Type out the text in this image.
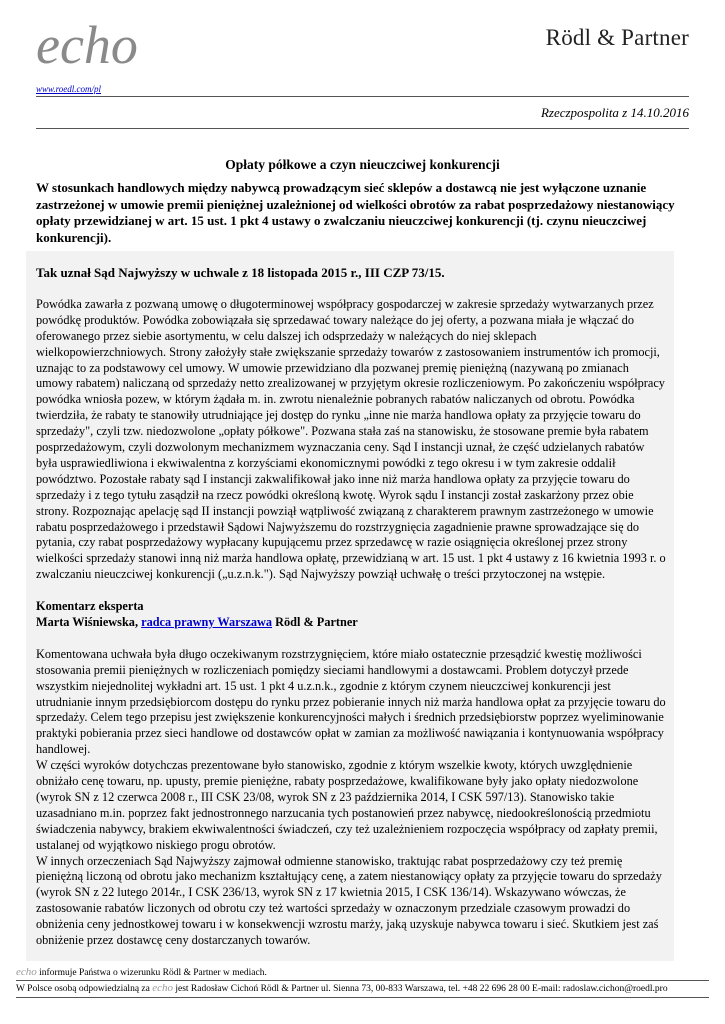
echo
www.roedl.com/pl
Rödl & Partner
Rzeczpospolita z 14.10.2016
Opłaty półkowe a czyn nieuczciwej konkurencji

W stosunkach handlowych między nabywcą prowadzącym sieć sklepów a dostawcą nie jest wyłączone uznanie zastrzeżonej w umowie premii pieniężnej uzależnionej od wielkości obrotów za rabat posprzedażowy niestanowiący opłaty przewidzianej w art. 15 ust. 1 pkt 4 ustawy o zwalczaniu nieuczciwej konkurencji (tj. czynu nieuczciwej konkurencji).

Tak uznał Sąd Najwyższy w uchwale z 18 listopada 2015 r., III CZP 73/15.

Powódka zawarła z pozwaną umowę o długoterminowej współpracy gospodarczej w zakresie sprzedaży wytwarzanych przez powódkę produktów. Powódka zobowiązała się sprzedawać towary należące do jej oferty, a pozwana miała je włączać do oferowanego przez siebie asortymentu, w celu dalszej ich odsprzedaży w należących do niej sklepach wielkopowierzchniowych. Strony założyły stałe zwiększanie sprzedaży towarów z zastosowaniem instrumentów ich promocji, uznając to za podstawowy cel umowy. W umowie przewidziano dla pozwanej premię pieniężną (nazywaną po zmianach umowy rabatem) naliczaną od sprzedaży netto zrealizowanej w przyjętym okresie rozliczeniowym. Po zakończeniu współpracy powódka wniosła pozew, w którym żądała m. in. zwrotu nienależnie pobranych rabatów naliczanych od obrotu. Powódka twierdziła, że rabaty te stanowiły utrudniające jej dostęp do rynku „inne nie marża handlowa opłaty za przyjęcie towaru do sprzedaży", czyli tzw. niedozwolone „opłaty półkowe". Pozwana stała zaś na stanowisku, że stosowane premie była rabatem posprzedażowym, czyli dozwolonym mechanizmem wyznaczania ceny. Sąd I instancji uznał, że część udzielanych rabatów była usprawiedliwiona i ekwiwalentna z korzyściami ekonomicznymi powódki z tego okresu i w tym zakresie oddalił powództwo. Pozostałe rabaty sąd I instancji zakwalifikował jako inne niż marża handlowa opłaty za przyjęcie towaru do sprzedaży i z tego tytułu zasądził na rzecz powódki określoną kwotę. Wyrok sądu I instancji został zaskarżony przez obie strony. Rozpoznając apelację sąd II instancji powziął wątpliwość związaną z charakterem prawnym zastrzeżonego w umowie rabatu posprzedażowego i przedstawił Sądowi Najwyższemu do rozstrzygnięcia zagadnienie prawne sprowadzające się do pytania, czy rabat posprzedażowy wypłacany kupującemu przez sprzedawcę w razie osiągnięcia określonej przez strony wielkości sprzedaży stanowi inną niż marża handlowa opłatę, przewidzianą w art. 15 ust. 1 pkt 4 ustawy z 16 kwietnia 1993 r. o zwalczaniu nieuczciwej konkurencji („u.z.n.k."). Sąd Najwyższy powziął uchwałę o treści przytoczonej na wstępie.

Komentarz eksperta

Marta Wiśniewska, radca prawny Warszawa Rödl & Partner

Komentowana uchwała była długo oczekiwanym rozstrzygnięciem, które miało ostatecznie przesądzić kwestię możliwości stosowania premii pieniężnych w rozliczeniach pomiędzy sieciami handlowymi a dostawcami. Problem dotyczył przede wszystkim niejednolitej wykładni art. 15 ust. 1 pkt 4 u.z.n.k., zgodnie z którym czynem nieuczciwej konkurencji jest utrudnianie innym przedsiębiorcom dostępu do rynku przez pobieranie innych niż marża handlowa opłat za przyjęcie towaru do sprzedaży. Celem tego przepisu jest zwiększenie konkurencyjności małych i średnich przedsiębiorstw poprzez wyeliminowanie praktyki pobierania przez sieci handlowe od dostawców opłat w zamian za możliwość nawiązania i kontynuowania współpracy handlowej.

W części wyroków dotychczas prezentowane było stanowisko, zgodnie z którym wszelkie kwoty, których uwzględnienie obniżało cenę towaru, np. upusty, premie pieniężne, rabaty posprzedażowe, kwalifikowane były jako opłaty niedozwolone (wyrok SN z 12 czerwca 2008 r., III CSK 23/08, wyrok SN z 23 października 2014, I CSK 597/13). Stanowisko takie uzasadniano m.in. poprzez fakt jednostronnego narzucania tych postanowień przez nabywcę, niedookreślonością przedmiotu świadczenia nabywcy, brakiem ekwiwalentności świadczeń, czy też uzależnieniem rozpoczęcia współpracy od zapłaty premii, ustalanej od wyjątkowo niskiego progu obrotów.

W innych orzeczeniach Sąd Najwyższy zajmował odmienne stanowisko, traktując rabat posprzedażowy czy też premię pieniężną liczoną od obrotu jako mechanizm kształtujący cenę, a zatem niestanowiący opłaty za przyjęcie towaru do sprzedaży (wyrok SN z 22 lutego 2014r., I CSK 236/13, wyrok SN z 17 kwietnia 2015, I CSK 136/14). Wskazywano wówczas, że zastosowanie rabatów liczonych od obrotu czy też wartości sprzedaży w oznaczonym przedziale czasowym prowadzi do obniżenia ceny jednostkowej towaru i w konsekwencji wzrostu marży, jaką uzyskuje nabywca towaru i sieć. Skutkiem jest zaś obniżenie przez dostawcę ceny dostarczanych towarów.

echo informuje Państwa o wizerunku Rödl & Partner w mediach.
W Polsce osobą odpowiedzialną za echo jest Radosław Cichoń Rödl & Partner ul. Sienna 73, 00-833 Warszawa, tel. +48 22 696 28 00 E-mail: radoslaw.cichon@roedl.pro
